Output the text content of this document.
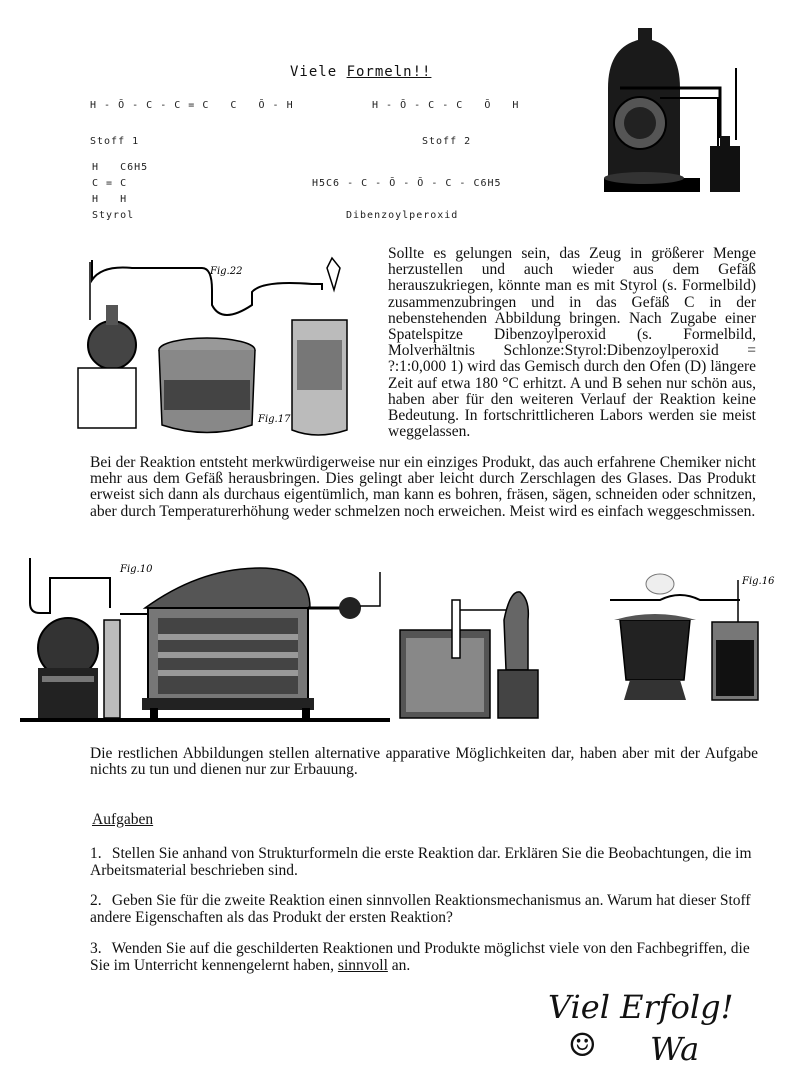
Viele Formeln!!
H - Ō - C - C = C   C   Ō - H
Stoff 1
H - Ō - C - C   Ō   H
Stoff 2
H   C6H5
C = C
H   H
Styrol
H5C6 - C - Ō - Ō - C - C6H5
Dibenzoylperoxid
Fig.22
Fig.17
Sollte es gelungen sein, das Zeug in größerer Menge herzustellen und auch wieder aus dem Gefäß herauszukriegen, könnte man es mit Styrol (s. Formelbild) zusammenzubringen und in das Gefäß C in der nebenstehenden Abbildung bringen. Nach Zugabe einer Spatelspitze Dibenzoylperoxid (s. Formelbild, Molverhältnis Schlonze:Styrol:Dibenzoylperoxid = ?:1:0,000 1) wird das Gemisch durch den Ofen (D) längere Zeit auf etwa 180 °C erhitzt. A und B sehen nur schön aus, haben aber für den weiteren Verlauf der Reaktion keine Bedeutung. In fortschrittlicheren Labors werden sie meist weggelassen.
Bei der Reaktion entsteht merkwürdigerweise nur ein einziges Produkt, das auch erfahrene Chemiker nicht mehr aus dem Gefäß herausbringen. Dies gelingt aber leicht durch Zerschlagen des Glases. Das Produkt erweist sich dann als durchaus eigentümlich, man kann es bohren, fräsen, sägen, schneiden oder schnitzen, aber durch Temperaturerhöhung weder schmelzen noch erweichen. Meist wird es einfach weggeschmissen.
Fig.10
Fig.16
Die restlichen Abbildungen stellen alternative apparative Möglichkeiten dar, haben aber mit der Aufgabe nichts zu tun und dienen nur zur Erbauung.
Aufgaben
1. Stellen Sie anhand von Strukturformeln die erste Reaktion dar. Erklären Sie die Beobachtungen, die im Arbeitsmaterial beschrieben sind.
2. Geben Sie für die zweite Reaktion einen sinnvollen Reaktionsmechanismus an. Warum hat dieser Stoff andere Eigenschaften als das Produkt der ersten Reaktion?
3. Wenden Sie auf die geschilderten Reaktionen und Produkte möglichst viele von den Fachbegriffen, die Sie im Unterricht kennengelernt haben, sinnvoll an.
Viel Erfolg!
☺ Wa
